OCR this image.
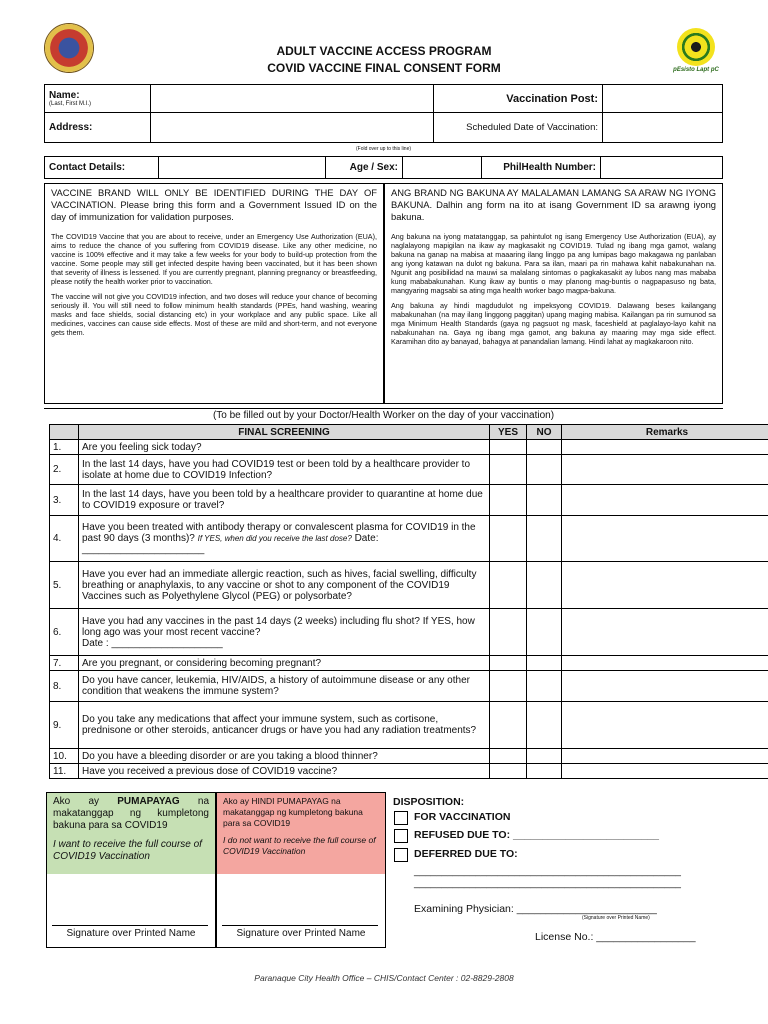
pEsisto Lapt pC
ADULT VACCINE ACCESS PROGRAM
COVID VACCINE FINAL CONSENT FORM
Name:
(Last, First M.I.)		Vaccination Post:	
Address:		Scheduled Date of Vaccination:	
(Fold over up to this line)
Contact Details:		Age / Sex:		PhilHealth Number:	

VACCINE BRAND WILL ONLY BE IDENTIFIED DURING THE DAY OF VACCINATION. Please bring this form and a Government Issued ID on the day of immunization for validation purposes.

The COVID19 Vaccine that you are about to receive, under an Emergency Use Authorization (EUA), aims to reduce the chance of you suffering from COVID19 disease. Like any other medicine, no vaccine is 100% effective and it may take a few weeks for your body to build-up protection from the vaccine. Some people may still get infected despite having been vaccinated, but it has been shown that severity of illness is lessened. If you are currently pregnant, planning pregnancy or breastfeeding, please notify the health worker prior to vaccination.

The vaccine will not give you COVID19 infection, and two doses will reduce your chance of becoming seriously ill. You will still need to follow minimum health standards (PPEs, hand washing, wearing masks and face shields, social distancing etc) in your workplace and any public space. Like all medicines, vaccines can cause side effects. Most of these are mild and short-term, and not everyone gets them.

ANG BRAND NG BAKUNA AY MALALAMAN LAMANG SA ARAW NG IYONG BAKUNA. Dalhin ang form na ito at isang Government ID sa arawng iyong bakuna.

Ang bakuna na iyong matatanggap, sa pahintulot ng isang Emergency Use Authorization (EUA), ay naglalayong mapigilan na ikaw ay magkasakit ng COVID19. Tulad ng ibang mga gamot, walang bakuna na ganap na mabisa at maaaring ilang linggo pa ang lumipas bago makagawa ng panlaban ang iyong katawan na dulot ng bakuna. Para sa ilan, maari pa rin mahawa kahit nabakunahan na. Ngunit ang posibilidad na mauwi sa malalang sintomas o pagkakasakit ay lubos nang mas mababa kung mababakunahan. Kung ikaw ay buntis o may planong mag-buntis o nagpapasuso ng bata, mangyaring magsabi sa ating mga health worker bago magpa-bakuna.

Ang bakuna ay hindi magdudulot ng impeksyong COVID19. Dalawang beses kailangang mabakunahan (na may ilang linggong paggitan) upang maging mabisa. Kailangan pa rin sumunod sa mga Minimum Health Standards (gaya ng pagsuot ng mask, faceshield at paglalayo-layo kahit na nabakunahan na. Gaya ng ibang mga gamot, ang bakuna ay maaring may mga side effect. Karamihan dito ay banayad, bahagya at panandalian lamang. Hindi lahat ay magkakaroon nito.

(To be filled out by your Doctor/Health Worker on the day of your vaccination)
	FINAL SCREENING	YES	NO	Remarks
1.	Are you feeling sick today?			
2.	In the last 14 days, have you had COVID19 test or been told by a healthcare provider to isolate at home due to COVID19 Infection?			
3.	In the last 14 days, have you been told by a healthcare provider to quarantine at home due to COVID19 exposure or travel?			
4.	Have you been treated with antibody therapy or convalescent plasma for COVID19 in the past 90 days (3 months)? If YES, when did you receive the last dose? Date: ______________________			
5.	Have you ever had an immediate allergic reaction, such as hives, facial swelling, difficulty breathing or anaphylaxis, to any vaccine or shot to any component of the COVID19 Vaccines such as Polyethylene Glycol (PEG) or polysorbate?			
6.	Have you had any vaccines in the past 14 days (2 weeks) including flu shot? If YES, how long ago was your most recent vaccine?
Date : ____________________			
7.	Are you pregnant, or considering becoming pregnant?			
8.	Do you have cancer, leukemia, HIV/AIDS, a history of autoimmune disease or any other condition that weakens the immune system?			
9.	Do you take any medications that affect your immune system, such as cortisone, prednisone or other steroids, anticancer drugs or have you had any radiation treatments?			
10.	Do you have a bleeding disorder or are you taking a blood thinner?			
11.	Have you received a previous dose of COVID19 vaccine?			
Ako ay PUMAPAYAG na makatanggap ng kumpletong bakuna para sa COVID19
I want to receive the full course of COVID19 Vaccination
Signature over Printed Name
Ako ay HINDI PUMAPAYAG na makatanggap ng kumpletong bakuna para sa COVID19
I do not want to receive the full course of COVID19 Vaccination
Signature over Printed Name
DISPOSITION:
FOR VACCINATION
REFUSED DUE TO: _________________________
DEFERRED DUE TO:
________________________________________________
________________________________________________
Examining Physician: ________________________
(Signature over Printed Name)
License No.: _________________
Paranaque City Health Office – CHIS/Contact Center : 02-8829-2808
